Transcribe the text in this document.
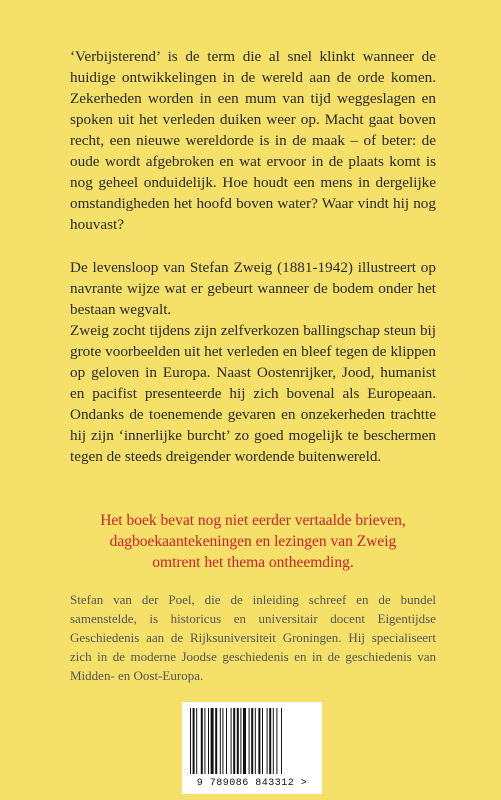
‘Verbijsterend’ is de term die al snel klinkt wanneer de huidige ontwikkelingen in de wereld aan de orde komen. Zekerheden worden in een mum van tijd weggeslagen en spoken uit het verleden duiken weer op. Macht gaat boven recht, een nieuwe wereldorde is in de maak – of beter: de oude wordt afgebroken en wat ervoor in de plaats komt is nog geheel onduidelijk. Hoe houdt een mens in dergelijke omstandigheden het hoofd boven water? Waar vindt hij nog houvast?

De levensloop van Stefan Zweig (1881-1942) illustreert op navrante wijze wat er gebeurt wanneer de bodem onder het bestaan wegvalt.

Zweig zocht tijdens zijn zelfverkozen ballingschap steun bij grote voorbeelden uit het verleden en bleef tegen de klippen op geloven in Europa. Naast Oostenrijker, Jood, humanist en pacifist presenteerde hij zich bovenal als Europeaan. Ondanks de toenemende gevaren en onzekerheden trachtte hij zijn ‘innerlijke burcht’ zo goed mogelijk te beschermen tegen de steeds dreigender wordende buitenwereld.

Het boek bevat nog niet eerder vertaalde brieven,
dagboekaantekeningen en lezingen van Zweig
omtrent het thema ontheemding.

Stefan van der Poel, die de inleiding schreef en de bundel samenstelde, is historicus en universitair docent Eigentijdse Geschiedenis aan de Rijksuniversiteit Groningen. Hij specialiseert zich in de moderne Joodse geschiedenis en in de geschiedenis van Midden- en Oost-Europa.

9 789086 843312 >
